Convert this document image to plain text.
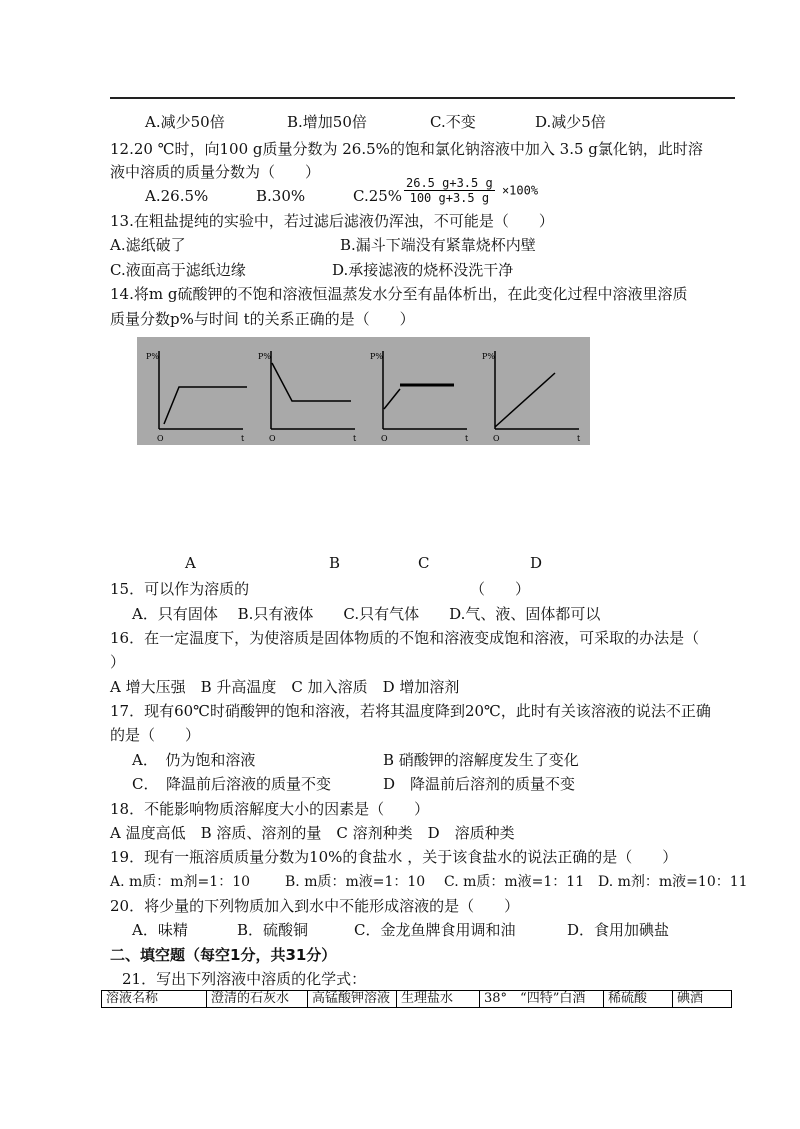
A.减少50倍	B.增加50倍	C.不变	D.减少5倍
12.20 ℃时，向100 g质量分数为 26.5%的饱和氯化钠溶液中加入 3.5 g氯化钠，此时溶
液中溶质的质量分数为（　　）
A.26.5%	B.30%	$C.25\% \frac{26.5 g+3.5 g}{100 g+3.5 g} \times 100\%$
13.在粗盐提纯的实验中，若过滤后滤液仍浑浊，不可能是（　　）
A.滤纸破了	B.漏斗下端没有紧靠烧杯内壁
C.液面高于滤纸边缘	D.承接滤液的烧杯没洗干净
14.将m g硫酸钾的不饱和溶液恒温蒸发水分至有晶体析出，在此变化过程中溶液里溶质
质量分数p%与时间 t的关系正确的是（　　）
P%
O	t
P%
O	t
P%
O	t
P%
O	t
A	B	C	D
15．可以作为溶质的	（　　）
A．只有固体　 B.只有液体　　C.只有气体　　D.气、液、固体都可以
16．在一定温度下，为使溶质是固体物质的不饱和溶液变成饱和溶液，可采取的办法是（
）
A 增大压强　B 升高温度　C 加入溶质　D 增加溶剂
17．现有60℃时硝酸钾的饱和溶液，若将其温度降到20℃，此时有关该溶液的说法不正确
的是（　　）
A．　仍为饱和溶液	B 硝酸钾的溶解度发生了变化
C．　降温前后溶液的质量不变	D　降温前后溶剂的质量不变
18．不能影响物质溶解度大小的因素是（　　）
A 温度高低　B 溶质、溶剂的量　C 溶剂种类　D　溶质种类
19．现有一瓶溶质质量分数为10%的食盐水 ，关于该食盐水的说法正确的是（　　）
A. m质：m剂=1：10 B. m质：m液=1：10 C. m质：m液=1：11 D. m剂：m液=10：11
20．将少量的下列物质加入到水中不能形成溶液的是（　　）
A．味精	B．硫酸铜	C．金龙鱼牌食用调和油	D．食用加碘盐
二、填空题（每空1分，共31分）
21．写出下列溶液中溶质的化学式：
溶液名称	澄清的石灰水	高锰酸钾溶液	生理盐水	38°　“四特”白酒	稀硫酸	碘酒
